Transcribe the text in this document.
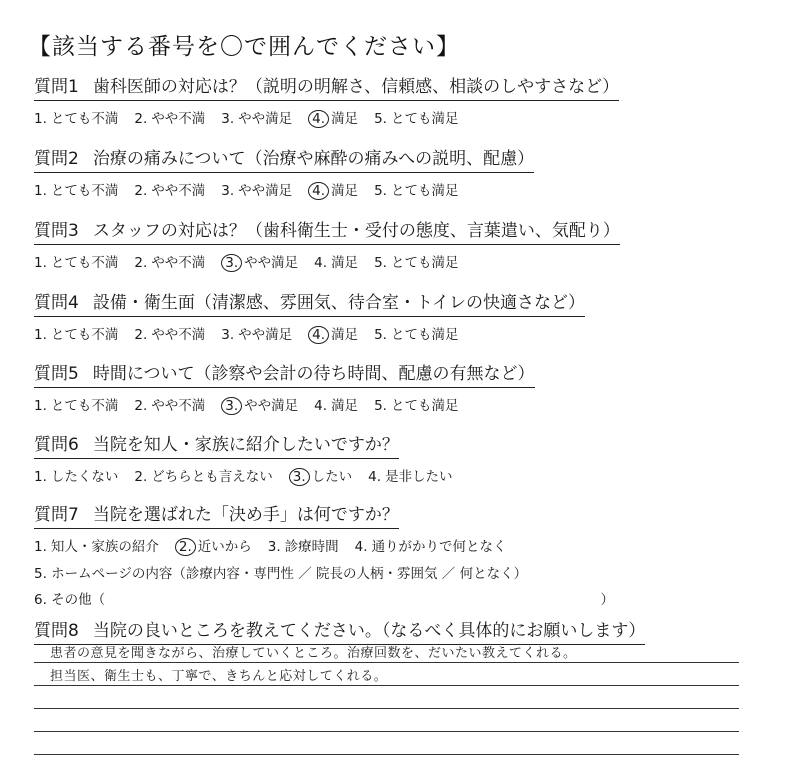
【該当する番号を〇で囲んでください】
質問1 歯科医師の対応は？（説明の明解さ、信頼感、相談のしやすさなど）
1. とても不満 2. やや不満 3. やや満足 4. 満足 5. とても満足
質問2 治療の痛みについて（治療や麻酔の痛みへの説明、配慮）
1. とても不満 2. やや不満 3. やや満足 4. 満足 5. とても満足
質問3 スタッフの対応は？（歯科衛生士・受付の態度、言葉遣い、気配り）
1. とても不満 2. やや不満 3. やや満足 4. 満足 5. とても満足
質問4 設備・衛生面（清潔感、雰囲気、待合室・トイレの快適さなど）
1. とても不満 2. やや不満 3. やや満足 4. 満足 5. とても満足
質問5 時間について（診察や会計の待ち時間、配慮の有無など）
1. とても不満 2. やや不満 3. やや満足 4. 満足 5. とても満足
質問6 当院を知人・家族に紹介したいですか？
1. したくない 2. どちらとも言えない 3. したい 4. 是非したい
質問7 当院を選ばれた「決め手」は何ですか？
1. 知人・家族の紹介 2. 近いから 3. 診療時間 4. 通りがかりで何となく
5. ホームページの内容（診療内容・専門性 ／ 院長の人柄・雰囲気 ／ 何となく）
6. その他（	）
質問8 当院の良いところを教えてください。（なるべく具体的にお願いします）
患者の意見を聞きながら、治療していくところ。治療回数を、だいたい教えてくれる。
担当医、衛生士も、丁寧で、きちんと応対してくれる。
